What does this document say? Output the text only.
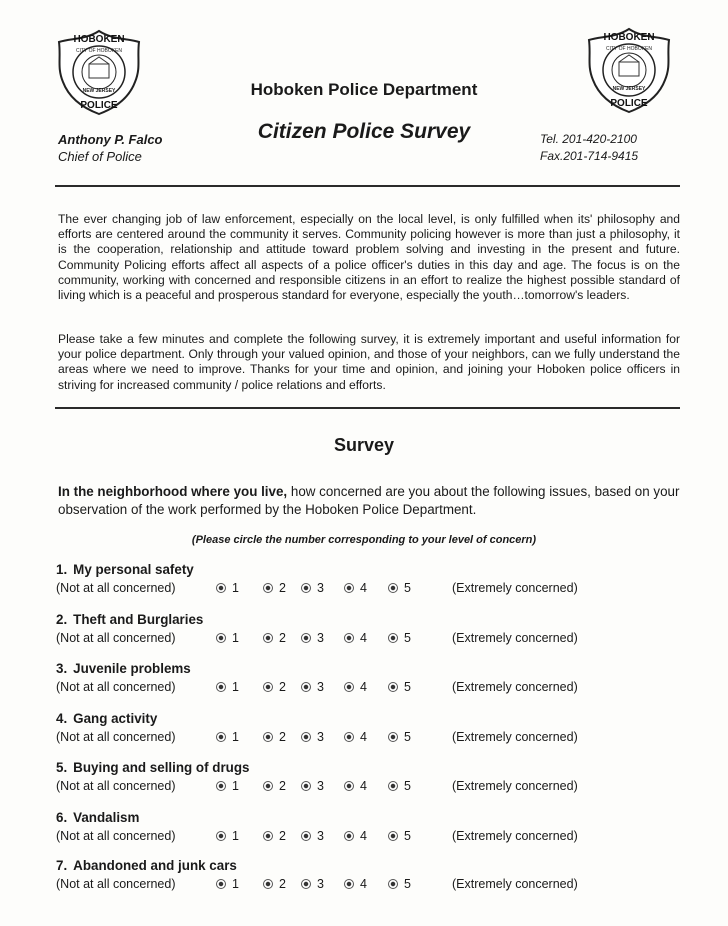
HOBOKEN
CITY OF HOBOKEN
NEW JERSEY
POLICE
HOBOKEN
CITY OF HOBOKEN
NEW JERSEY
POLICE
Hoboken Police Department
Citizen Police Survey
Anthony P. Falco
Chief of Police
Tel. 201-420-2100
Fax.201-714-9415

The ever changing job of law enforcement, especially on the local level, is only fulfilled when its' philosophy and efforts are centered around the community it serves. Community policing however is more than just a philosophy, it is the cooperation, relationship and attitude toward problem solving and investing in the present and future. Community Policing efforts affect all aspects of a police officer's duties in this day and age. The focus is on the community, working with concerned and responsible citizens in an effort to realize the highest possible standard of living which is a peaceful and prosperous standard for everyone, especially the youth…tomorrow's leaders.

Please take a few minutes and complete the following survey, it is extremely important and useful information for your police department. Only through your valued opinion, and those of your neighbors, can we fully understand the areas where we need to improve. Thanks for your time and opinion, and joining your Hoboken police officers in striving for increased community / police relations and efforts.

Survey

In the neighborhood where you live, how concerned are you about the following issues, based on your observation of the work performed by the Hoboken Police Department.

(Please circle the number corresponding to your level of concern)
1. My personal safety
(Not at all concerned)	1	2	3	4	5	(Extremely concerned)
2. Theft and Burglaries
(Not at all concerned)	1	2	3	4	5	(Extremely concerned)
3. Juvenile problems
(Not at all concerned)	1	2	3	4	5	(Extremely concerned)
4. Gang activity
(Not at all concerned)	1	2	3	4	5	(Extremely concerned)
5. Buying and selling of drugs
(Not at all concerned)	1	2	3	4	5	(Extremely concerned)
6. Vandalism
(Not at all concerned)	1	2	3	4	5	(Extremely concerned)
7. Abandoned and junk cars
(Not at all concerned)	1	2	3	4	5	(Extremely concerned)
